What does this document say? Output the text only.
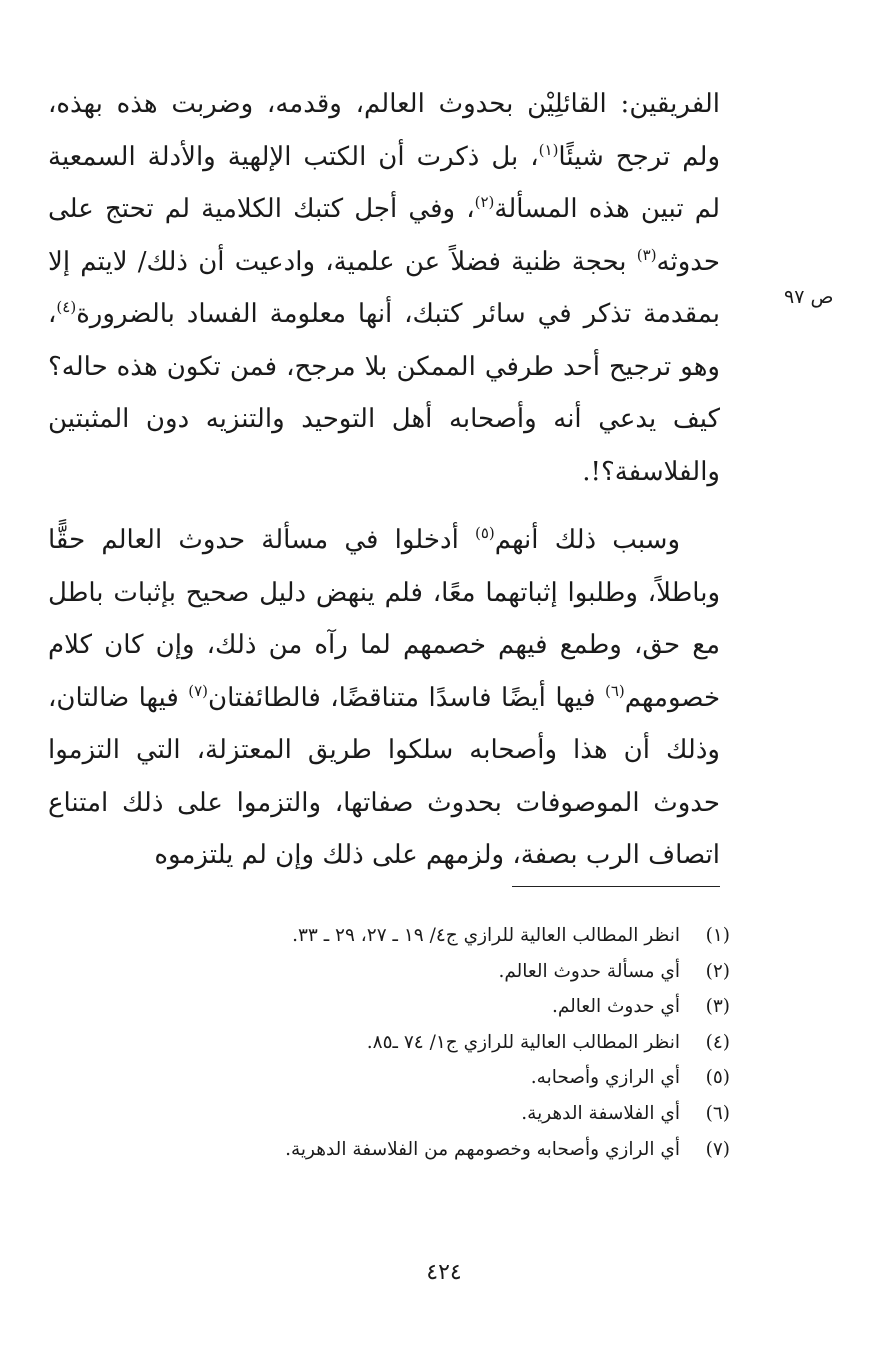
ص ٩٧

الفريقين: القائلِيْن بحدوث العالم، وقدمه، وضربت هذه بهذه، ولم ترجح شيئًا$^{(١)}$، بل ذكرت أن الكتب الإلهية والأدلة السمعية لم تبين هذه المسألة$^{(٢)}$، وفي أجل كتبك الكلامية لم تحتج على حدوثه$^{(٣)}$ بحجة ظنية فضلاً عن علمية، وادعيت أن ذلك/ لايتم إلا بمقدمة تذكر في سائر كتبك، أنها معلومة الفساد بالضرورة$^{(٤)}$، وهو ترجيح أحد طرفي الممكن بلا مرجح، فمن تكون هذه حاله؟ كيف يدعي أنه وأصحابه أهل التوحيد والتنزيه دون المثبتين والفلاسفة؟!.

وسبب ذلك أنهم$^{(٥)}$ أدخلوا في مسألة حدوث العالم حقًّا وباطلاً، وطلبوا إثباتهما معًا، فلم ينهض دليل صحيح بإثبات باطل مع حق، وطمع فيهم خصمهم لما رآه من ذلك، وإن كان كلام خصومهم$^{(٦)}$ فيها أيضًا فاسدًا متناقضًا، فالطائفتان$^{(٧)}$ فيها ضالتان، وذلك أن هذا وأصحابه سلكوا طريق المعتزلة، التي التزموا حدوث الموصوفات بحدوث صفاتها، والتزموا على ذلك امتناع اتصاف الرب بصفة، ولزمهم على ذلك وإن لم يلتزموه

(١)
انظر المطالب العالية للرازي ج٤/ ١٩ ـ ٢٧، ٢٩ ـ ٣٣.
(٢)
أي مسألة حدوث العالم.
(٣)
أي حدوث العالم.
(٤)
انظر المطالب العالية للرازي ج١/ ٧٤ ـ٨٥.
(٥)
أي الرازي وأصحابه.
(٦)
أي الفلاسفة الدهرية.
(٧)
أي الرازي وأصحابه وخصومهم من الفلاسفة الدهرية.
٤٢٤
